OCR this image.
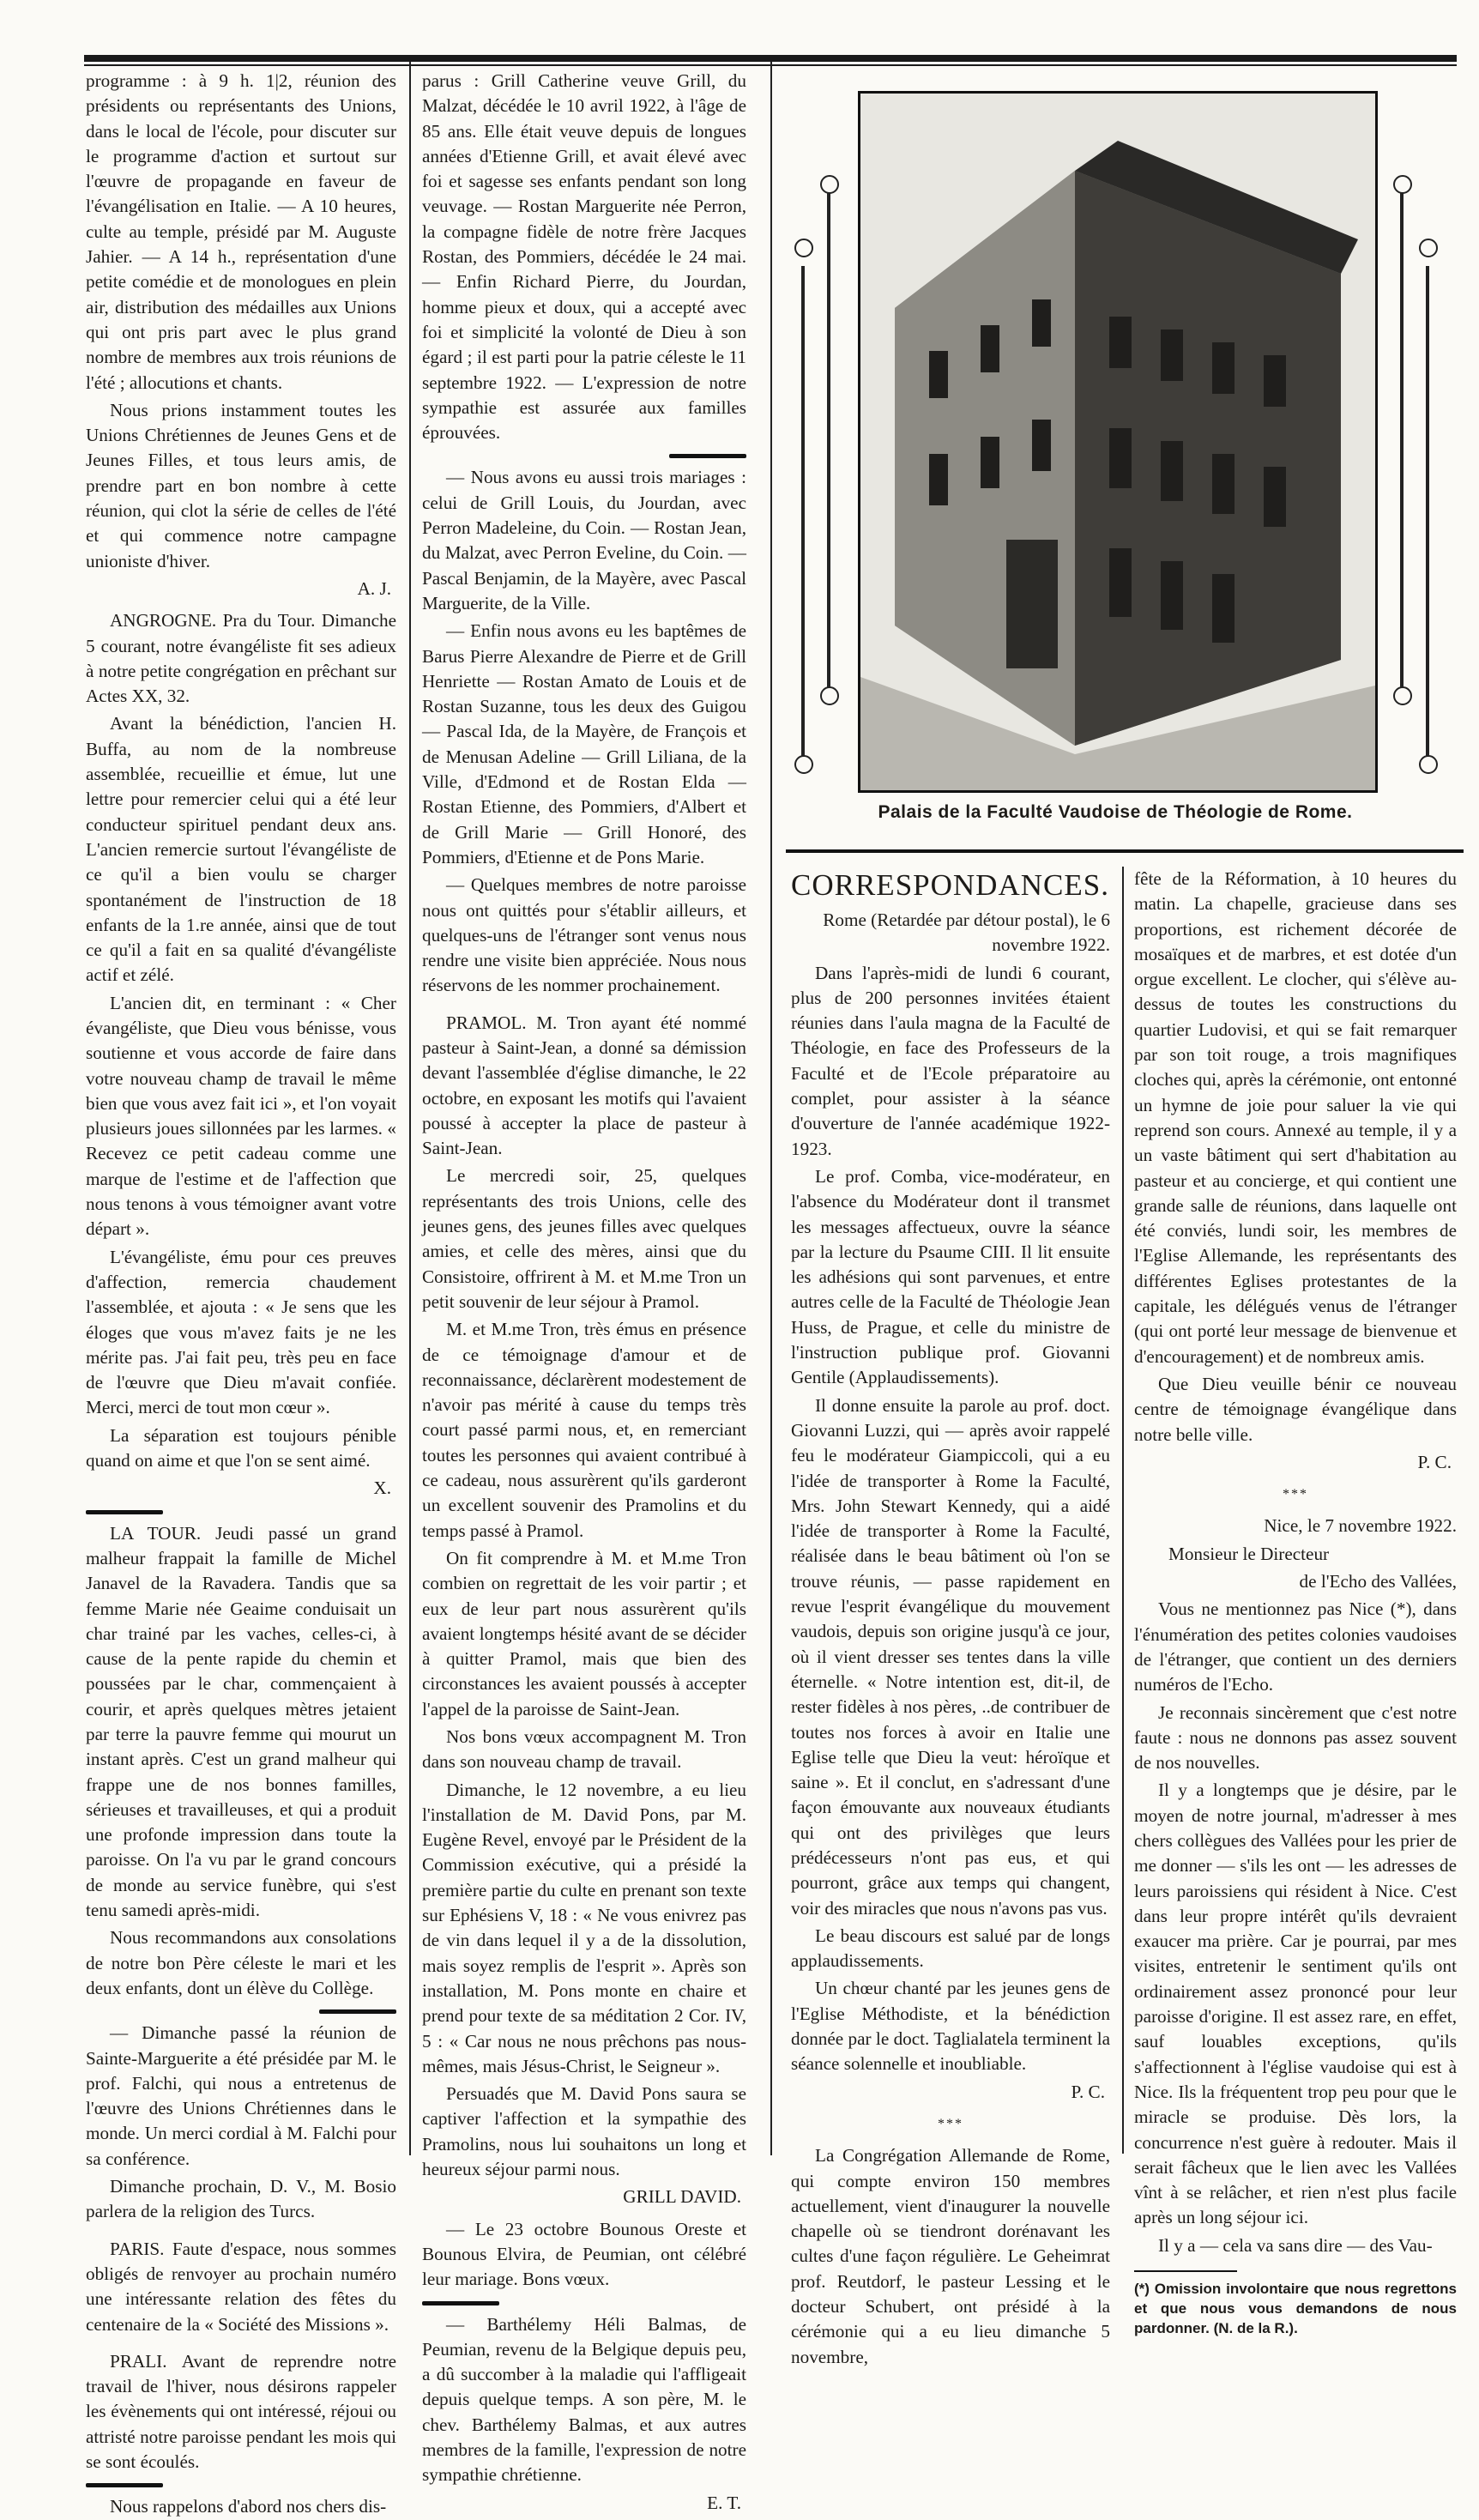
programme : à 9 h. 1|2, réunion des présidents ou représentants des Unions, dans le local de l'école, pour discuter sur le programme d'action et surtout sur l'œuvre de propagande en faveur de l'évangélisation en Italie. — A 10 heures, culte au temple, présidé par M. Auguste Jahier. — A 14 h., représentation d'une petite comédie et de monologues en plein air, distribution des médailles aux Unions qui ont pris part avec le plus grand nombre de membres aux trois réunions de l'été ; allocutions et chants.

Nous prions instamment toutes les Unions Chrétiennes de Jeunes Gens et de Jeunes Filles, et tous leurs amis, de prendre part en bon nombre à cette réunion, qui clot la série de celles de l'été et qui commence notre campagne unioniste d'hiver.

A. J.

ANGROGNE. Pra du Tour. Dimanche 5 courant, notre évangéliste fit ses adieux à notre petite congrégation en prêchant sur Actes XX, 32.

Avant la bénédiction, l'ancien H. Buffa, au nom de la nombreuse assemblée, recueillie et émue, lut une lettre pour remercier celui qui a été leur conducteur spirituel pendant deux ans. L'ancien remercie surtout l'évangéliste de ce qu'il a bien voulu se charger spontanément de l'instruction de 18 enfants de la 1.re année, ainsi que de tout ce qu'il a fait en sa qualité d'évangéliste actif et zélé.

L'ancien dit, en terminant : « Cher évangéliste, que Dieu vous bénisse, vous soutienne et vous accorde de faire dans votre nouveau champ de travail le même bien que vous avez fait ici », et l'on voyait plusieurs joues sillonnées par les larmes. « Recevez ce petit cadeau comme une marque de l'estime et de l'affection que nous tenons à vous témoigner avant votre départ ».

L'évangéliste, ému pour ces preuves d'affection, remercia chaudement l'assemblée, et ajouta : « Je sens que les éloges que vous m'avez faits je ne les mérite pas. J'ai fait peu, très peu en face de l'œuvre que Dieu m'avait confiée. Merci, merci de tout mon cœur ».

La séparation est toujours pénible quand on aime et que l'on se sent aimé.

X.

LA TOUR. Jeudi passé un grand malheur frappait la famille de Michel Janavel de la Ravadera. Tandis que sa femme Marie née Geaime conduisait un char trainé par les vaches, celles-ci, à cause de la pente rapide du chemin et poussées par le char, commençaient à courir, et après quelques mètres jetaient par terre la pauvre femme qui mourut un instant après. C'est un grand malheur qui frappe une de nos bonnes familles, sérieuses et travailleuses, et qui a produit une profonde impression dans toute la paroisse. On l'a vu par le grand concours de monde au service funèbre, qui s'est tenu samedi après-midi.

Nous recommandons aux consolations de notre bon Père céleste le mari et les deux enfants, dont un élève du Collège.

— Dimanche passé la réunion de Sainte-Marguerite a été présidée par M. le prof. Falchi, qui nous a entretenus de l'œuvre des Unions Chrétiennes dans le monde. Un merci cordial à M. Falchi pour sa conférence.

Dimanche prochain, D. V., M. Bosio parlera de la religion des Turcs.

PARIS. Faute d'espace, nous sommes obligés de renvoyer au prochain numéro une intéressante relation des fêtes du centenaire de la « Société des Missions ».

PRALI. Avant de reprendre notre travail de l'hiver, nous désirons rappeler les évènements qui ont intéressé, réjoui ou attristé notre paroisse pendant les mois qui se sont écoulés.

Nous rappelons d'abord nos chers dis-

parus : Grill Catherine veuve Grill, du Malzat, décédée le 10 avril 1922, à l'âge de 85 ans. Elle était veuve depuis de longues années d'Etienne Grill, et avait élevé avec foi et sagesse ses enfants pendant son long veuvage. — Rostan Marguerite née Perron, la compagne fidèle de notre frère Jacques Rostan, des Pommiers, décédée le 24 mai. — Enfin Richard Pierre, du Jourdan, homme pieux et doux, qui a accepté avec foi et simplicité la volonté de Dieu à son égard ; il est parti pour la patrie céleste le 11 septembre 1922. — L'expression de notre sympathie est assurée aux familles éprouvées.

— Nous avons eu aussi trois mariages : celui de Grill Louis, du Jourdan, avec Perron Madeleine, du Coin. — Rostan Jean, du Malzat, avec Perron Eveline, du Coin. — Pascal Benjamin, de la Mayère, avec Pascal Marguerite, de la Ville.

— Enfin nous avons eu les baptêmes de Barus Pierre Alexandre de Pierre et de Grill Henriette — Rostan Amato de Louis et de Rostan Suzanne, tous les deux des Guigou — Pascal Ida, de la Mayère, de François et de Menusan Adeline — Grill Liliana, de la Ville, d'Edmond et de Rostan Elda — Rostan Etienne, des Pommiers, d'Albert et de Grill Marie — Grill Honoré, des Pommiers, d'Etienne et de Pons Marie.

— Quelques membres de notre paroisse nous ont quittés pour s'établir ailleurs, et quelques-uns de l'étranger sont venus nous rendre une visite bien appréciée. Nous nous réservons de les nommer prochainement.

PRAMOL. M. Tron ayant été nommé pasteur à Saint-Jean, a donné sa démission devant l'assemblée d'église dimanche, le 22 octobre, en exposant les motifs qui l'avaient poussé à accepter la place de pasteur à Saint-Jean.

Le mercredi soir, 25, quelques représentants des trois Unions, celle des jeunes gens, des jeunes filles avec quelques amies, et celle des mères, ainsi que du Consistoire, offrirent à M. et M.me Tron un petit souvenir de leur séjour à Pramol.

M. et M.me Tron, très émus en présence de ce témoignage d'amour et de reconnaissance, déclarèrent modestement de n'avoir pas mérité à cause du temps très court passé parmi nous, et, en remerciant toutes les personnes qui avaient contribué à ce cadeau, nous assurèrent qu'ils garderont un excellent souvenir des Pramolins et du temps passé à Pramol.

On fit comprendre à M. et M.me Tron combien on regrettait de les voir partir ; et eux de leur part nous assurèrent qu'ils avaient longtemps hésité avant de se décider à quitter Pramol, mais que bien des circonstances les avaient poussés à accepter l'appel de la paroisse de Saint-Jean.

Nos bons vœux accompagnent M. Tron dans son nouveau champ de travail.

Dimanche, le 12 novembre, a eu lieu l'installation de M. David Pons, par M. Eugène Revel, envoyé par le Président de la Commission exécutive, qui a présidé la première partie du culte en prenant son texte sur Ephésiens V, 18 : « Ne vous enivrez pas de vin dans lequel il y a de la dissolution, mais soyez remplis de l'esprit ». Après son installation, M. Pons monte en chaire et prend pour texte de sa méditation 2 Cor. IV, 5 : « Car nous ne nous prêchons pas nous-mêmes, mais Jésus-Christ, le Seigneur ».

Persuadés que M. David Pons saura se captiver l'affection et la sympathie des Pramolins, nous lui souhaitons un long et heureux séjour parmi nous.

GRILL DAVID.

— Le 23 octobre Bounous Oreste et Bounous Elvira, de Peumian, ont célébré leur mariage. Bons vœux.

— Barthélemy Héli Balmas, de Peumian, revenu de la Belgique depuis peu, a dû succomber à la maladie qui l'affligeait depuis quelque temps. A son père, M. le chev. Barthélemy Balmas, et aux autres membres de la famille, l'expression de notre sympathie chrétienne.

E. T.

Palais de la Faculté Vaudoise de Théologie de Rome.
CORRESPONDANCES.

Rome (Retardée par détour postal), le 6 novembre 1922.

Dans l'après-midi de lundi 6 courant, plus de 200 personnes invitées étaient réunies dans l'aula magna de la Faculté de Théologie, en face des Professeurs de la Faculté et de l'Ecole préparatoire au complet, pour assister à la séance d'ouverture de l'année académique 1922-1923.

Le prof. Comba, vice-modérateur, en l'absence du Modérateur dont il transmet les messages affectueux, ouvre la séance par la lecture du Psaume CIII. Il lit ensuite les adhésions qui sont parvenues, et entre autres celle de la Faculté de Théologie Jean Huss, de Prague, et celle du ministre de l'instruction publique prof. Giovanni Gentile (Applaudissements).

Il donne ensuite la parole au prof. doct. Giovanni Luzzi, qui — après avoir rappelé feu le modérateur Giampiccoli, qui a eu l'idée de transporter à Rome la Faculté, Mrs. John Stewart Kennedy, qui a aidé l'idée de transporter à Rome la Faculté, réalisée dans le beau bâtiment où l'on se trouve réunis, — passe rapidement en revue l'esprit évangélique du mouvement vaudois, depuis son origine jusqu'à ce jour, où il vient dresser ses tentes dans la ville éternelle. « Notre intention est, dit-il, de rester fidèles à nos pères, ..de contribuer de toutes nos forces à avoir en Italie une Eglise telle que Dieu la veut: héroïque et saine ». Et il conclut, en s'adressant d'une façon émouvante aux nouveaux étudiants qui ont des privilèges que leurs prédécesseurs n'ont pas eus, et qui pourront, grâce aux temps qui changent, voir des miracles que nous n'avons pas vus.

Le beau discours est salué par de longs applaudissements.

Un chœur chanté par les jeunes gens de l'Eglise Méthodiste, et la bénédiction donnée par le doct. Taglialatela terminent la séance solennelle et inoubliable.

P. C.

***

La Congrégation Allemande de Rome, qui compte environ 150 membres actuellement, vient d'inaugurer la nouvelle chapelle où se tiendront dorénavant les cultes d'une façon régulière. Le Geheimrat prof. Reutdorf, le pasteur Lessing et le docteur Schubert, ont présidé à la cérémonie qui a eu lieu dimanche 5 novembre,

fête de la Réformation, à 10 heures du matin. La chapelle, gracieuse dans ses proportions, est richement décorée de mosaïques et de marbres, et est dotée d'un orgue excellent. Le clocher, qui s'élève au-dessus de toutes les constructions du quartier Ludovisi, et qui se fait remarquer par son toit rouge, a trois magnifiques cloches qui, après la cérémonie, ont entonné un hymne de joie pour saluer la vie qui reprend son cours. Annexé au temple, il y a un vaste bâtiment qui sert d'habitation au pasteur et au concierge, et qui contient une grande salle de réunions, dans laquelle ont été conviés, lundi soir, les membres de l'Eglise Allemande, les représentants des différentes Eglises protestantes de la capitale, les délégués venus de l'étranger (qui ont porté leur message de bienvenue et d'encouragement) et de nombreux amis.

Que Dieu veuille bénir ce nouveau centre de témoignage évangélique dans notre belle ville.

P. C.

***

Nice, le 7 novembre 1922.

Monsieur le Directeur

de l'Echo des Vallées,

Vous ne mentionnez pas Nice (*), dans l'énumération des petites colonies vaudoises de l'étranger, que contient un des derniers numéros de l'Echo.

Je reconnais sincèrement que c'est notre faute : nous ne donnons pas assez souvent de nos nouvelles.

Il y a longtemps que je désire, par le moyen de notre journal, m'adresser à mes chers collègues des Vallées pour les prier de me donner — s'ils les ont — les adresses de leurs paroissiens qui résident à Nice. C'est dans leur propre intérêt qu'ils devraient exaucer ma prière. Car je pourrai, par mes visites, entretenir le sentiment qu'ils ont ordinairement assez prononcé pour leur paroisse d'origine. Il est assez rare, en effet, sauf louables exceptions, qu'ils s'affectionnent à l'église vaudoise qui est à Nice. Ils la fréquentent trop peu pour que le miracle se produise. Dès lors, la concurrence n'est guère à redouter. Mais il serait fâcheux que le lien avec les Vallées vînt à se relâcher, et rien n'est plus facile après un long séjour ici.

Il y a — cela va sans dire — des Vau-

(*) Omission involontaire que nous regrettons et que nous vous demandons de nous pardonner. (N. de la R.).
